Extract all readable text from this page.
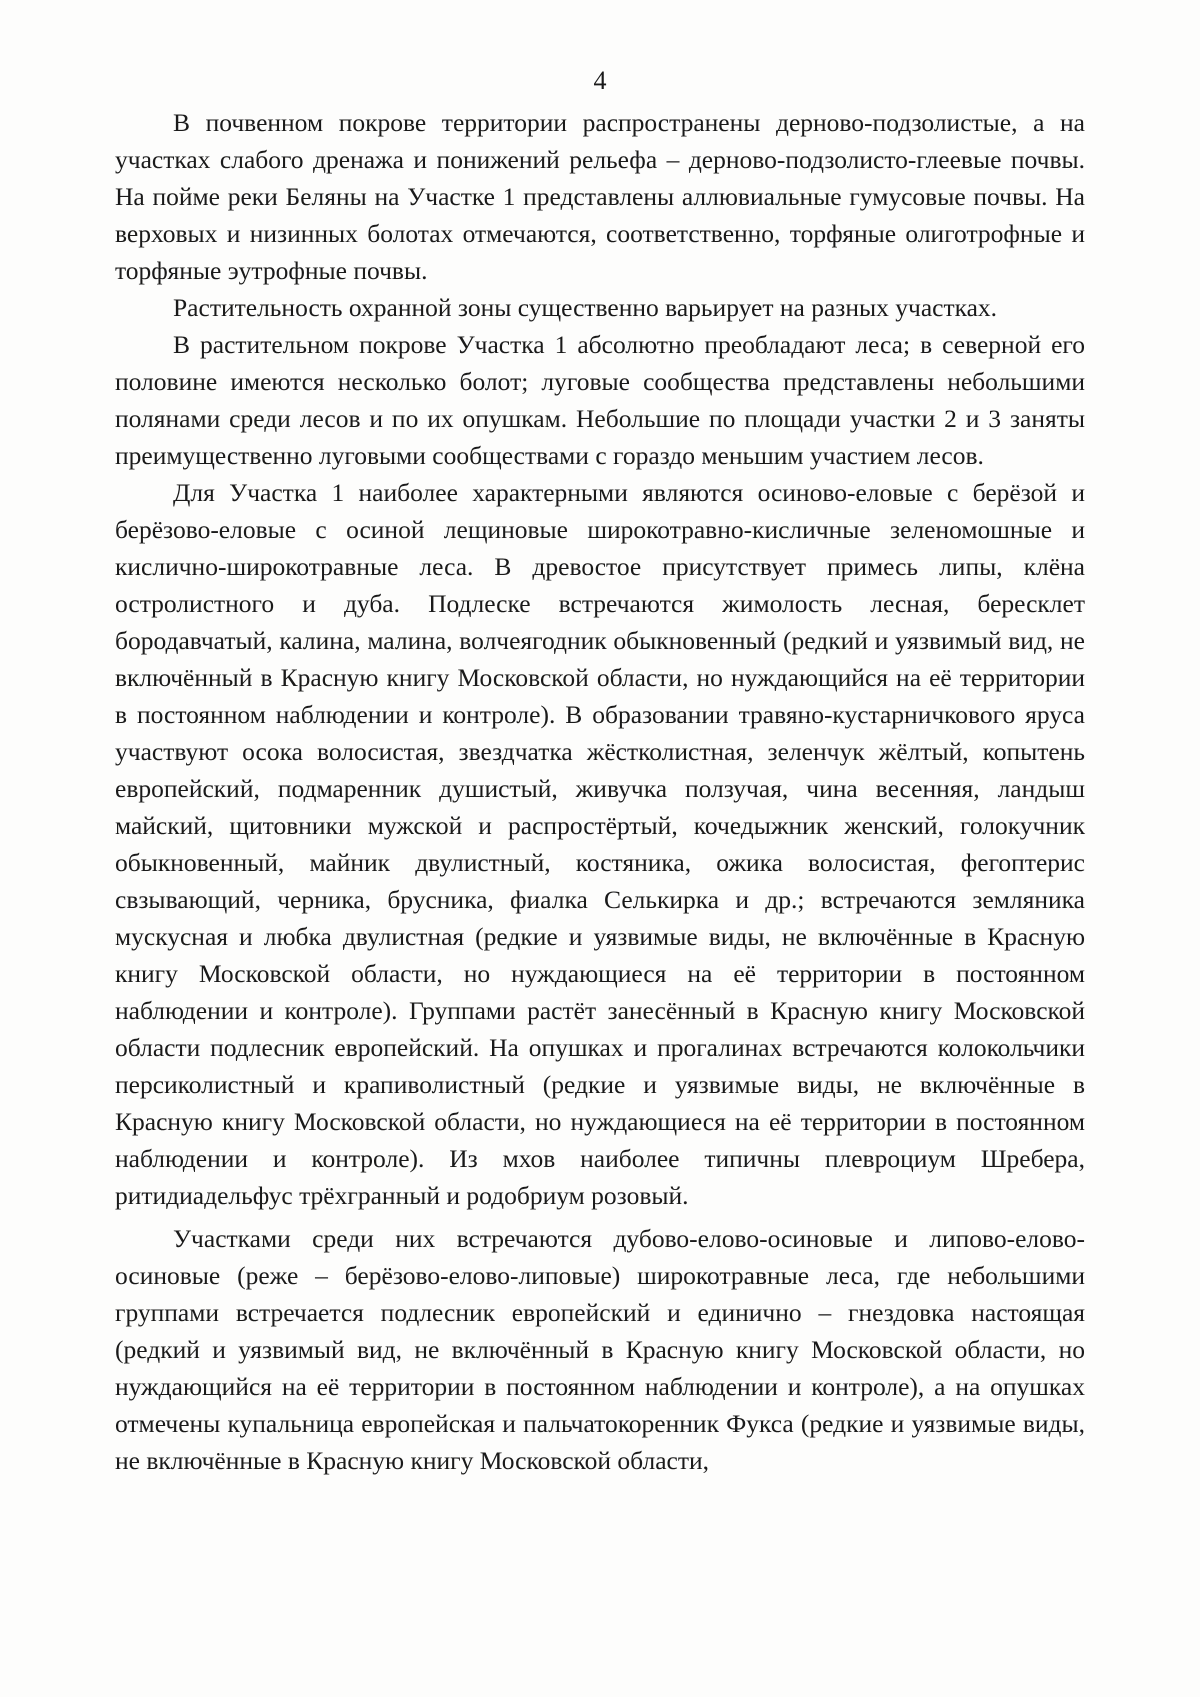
4

В почвенном покрове территории распространены дерново-подзолистые, а на участках слабого дренажа и понижений рельефа – дерново-подзолисто-глеевые почвы. На пойме реки Беляны на Участке 1 представлены аллювиальные гумусовые почвы. На верховых и низинных болотах отмечаются, соответственно, торфяные олиготрофные и торфяные эутрофные почвы.

Растительность охранной зоны существенно варьирует на разных участках.

В растительном покрове Участка 1 абсолютно преобладают леса; в северной его половине имеются несколько болот; луговые сообщества представлены небольшими полянами среди лесов и по их опушкам. Небольшие по площади участки 2 и 3 заняты преимущественно луговыми сообществами с гораздо меньшим участием лесов.

Для Участка 1 наиболее характерными являются осиново-еловые с берёзой и берёзово-еловые с осиной лещиновые широкотравно-кисличные зеленомошные и кислично-широкотравные леса. В древостое присутствует примесь липы, клёна остролистного и дуба. Подлеске встречаются жимолость лесная, бересклет бородавчатый, калина, малина, волчеягодник обыкновенный (редкий и уязвимый вид, не включённый в Красную книгу Московской области, но нуждающийся на её территории в постоянном наблюдении и контроле). В образовании травяно-кустарничкового яруса участвуют осока волосистая, звездчатка жёстколистная, зеленчук жёлтый, копытень европейский, подмаренник душистый, живучка ползучая, чина весенняя, ландыш майский, щитовники мужской и распростёртый, кочедыжник женский, голокучник обыкновенный, майник двулистный, костяника, ожика волосистая, фегоптерис свзывающий, черника, брусника, фиалка Селькирка и др.; встречаются земляника мускусная и любка двулистная (редкие и уязвимые виды, не включённые в Красную книгу Московской области, но нуждающиеся на её территории в постоянном наблюдении и контроле). Группами растёт занесённый в Красную книгу Московской области подлесник европейский. На опушках и прогалинах встречаются колокольчики персиколистный и крапиволистный (редкие и уязвимые виды, не включённые в Красную книгу Московской области, но нуждающиеся на её территории в постоянном наблюдении и контроле). Из мхов наиболее типичны плевроциум Шребера, ритидиадельфус трёхгранный и родобриум розовый.

Участками среди них встречаются дубово-елово-осиновые и липово-елово-осиновые (реже – берёзово-елово-липовые) широкотравные леса, где небольшими группами встречается подлесник европейский и единично – гнездовка настоящая (редкий и уязвимый вид, не включённый в Красную книгу Московской области, но нуждающийся на её территории в постоянном наблюдении и контроле), а на опушках отмечены купальница европейская и пальчатокоренник Фукса (редкие и уязвимые виды, не включённые в Красную книгу Московской области,
